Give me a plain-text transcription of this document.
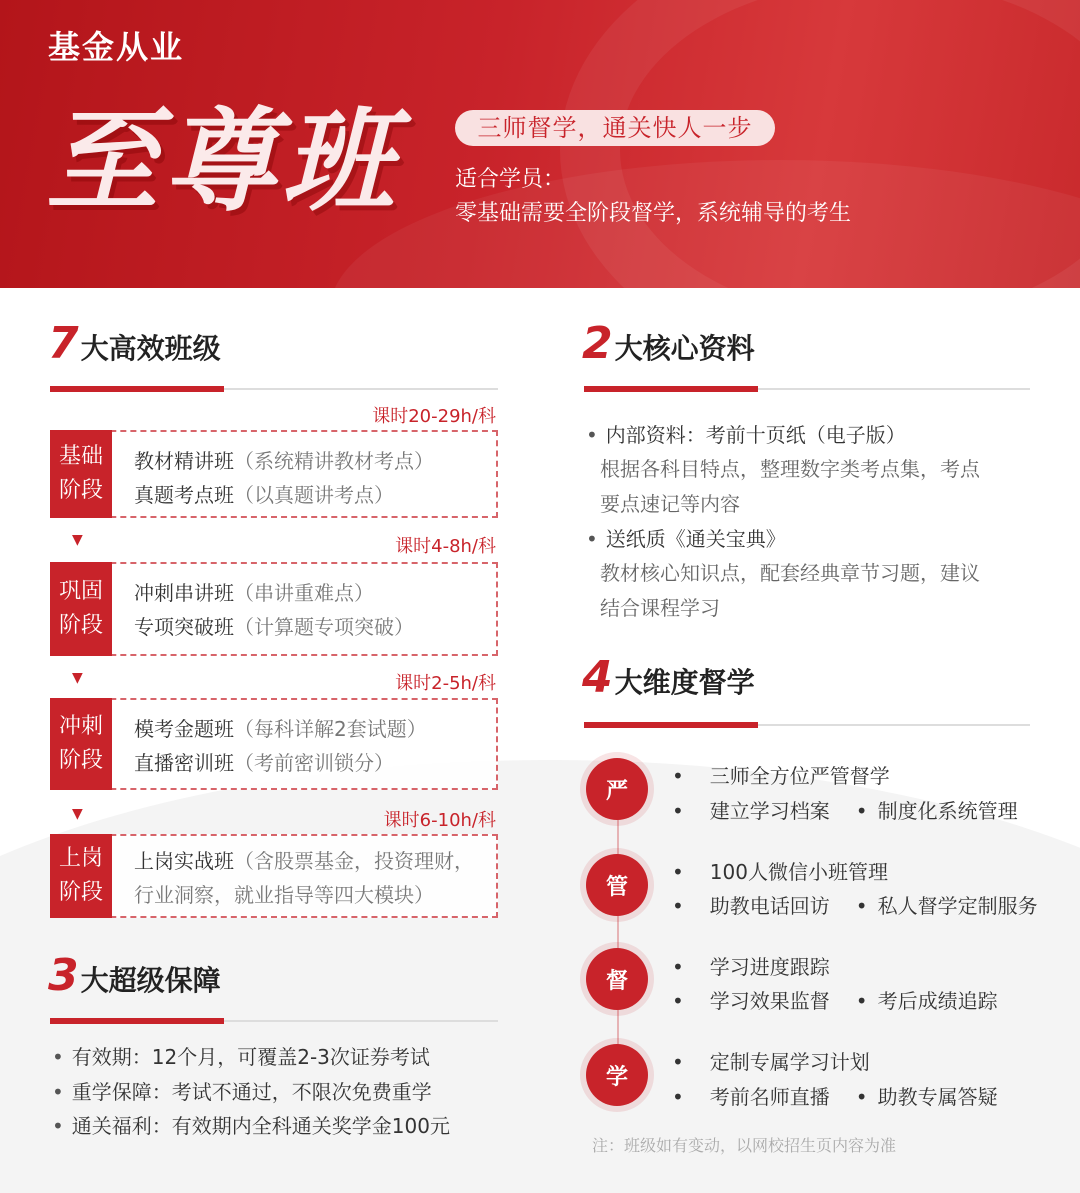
基金从业
至尊班	三师督学，通关快人一步
适合学员：
零基础需要全阶段督学，系统辅导的考生
7大高效班级
课时20-29h/科
基础
阶段
教材精讲班（系统精讲教材考点）
真题考点班（以真题讲考点）
▼	课时4-8h/科
巩固
阶段
冲刺串讲班（串讲重难点）
专项突破班（计算题专项突破）
▼	课时2-5h/科
冲刺
阶段
模考金题班（每科详解2套试题）
直播密训班（考前密训锁分）
▼	课时6-10h/科
上岗
阶段
上岗实战班（含股票基金，投资理财，
行业洞察，就业指导等四大模块）
3大超级保障
• 有效期：12个月，可覆盖2-3次证券考试
• 重学保障：考试不通过，不限次免费重学
• 通关福利：有效期内全科通关奖学金100元
2大核心资料
• 内部资料：考前十页纸（电子版）
根据各科目特点，整理数字类考点集，考点
要点速记等内容
• 送纸质《通关宝典》
教材核心知识点，配套经典章节习题，建议
结合课程学习
4大维度督学
严
• 三师全方位严管督学
• 建立学习档案 • 制度化系统管理
管
• 100人微信小班管理
• 助教电话回访 • 私人督学定制服务
督
• 学习进度跟踪
• 学习效果监督 • 考后成绩追踪
学
• 定制专属学习计划
• 考前名师直播 • 助教专属答疑
注：班级如有变动，以网校招生页内容为准
